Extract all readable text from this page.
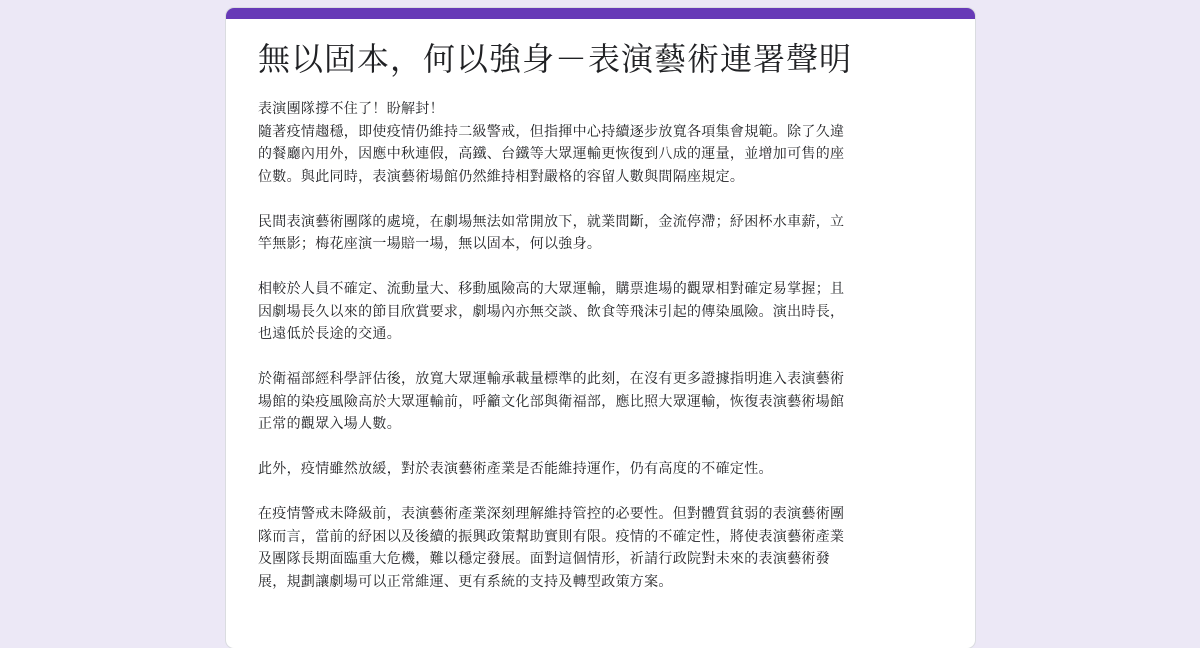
無以固本，何以強身－表演藝術連署聲明

表演團隊撐不住了！盼解封！
隨著疫情趨穩，即使疫情仍維持二級警戒，但指揮中心持續逐步放寬各項集會規範。除了久違
的餐廳內用外，因應中秋連假，高鐵、台鐵等大眾運輸更恢復到八成的運量，並增加可售的座
位數。與此同時，表演藝術場館仍然維持相對嚴格的容留人數與間隔座規定。

民間表演藝術團隊的處境，在劇場無法如常開放下，就業間斷，金流停滯；紓困杯水車薪，立
竿無影；梅花座演一場賠一場，無以固本，何以強身。

相較於人員不確定、流動量大、移動風險高的大眾運輸，購票進場的觀眾相對確定易掌握；且
因劇場長久以來的節目欣賞要求，劇場內亦無交談、飲食等飛沫引起的傳染風險。演出時長，
也遠低於長途的交通。

於衛福部經科學評估後，放寬大眾運輸承載量標準的此刻，在沒有更多證據指明進入表演藝術
場館的染疫風險高於大眾運輸前，呼籲文化部與衛福部，應比照大眾運輸，恢復表演藝術場館
正常的觀眾入場人數。

此外，疫情雖然放緩，對於表演藝術產業是否能維持運作，仍有高度的不確定性。

在疫情警戒未降級前，表演藝術產業深刻理解維持管控的必要性。但對體質貧弱的表演藝術團
隊而言，當前的紓困以及後續的振興政策幫助實則有限。疫情的不確定性，將使表演藝術產業
及團隊長期面臨重大危機，難以穩定發展。面對這個情形，祈請行政院對未來的表演藝術發
展，規劃讓劇場可以正常維運、更有系統的支持及轉型政策方案。
